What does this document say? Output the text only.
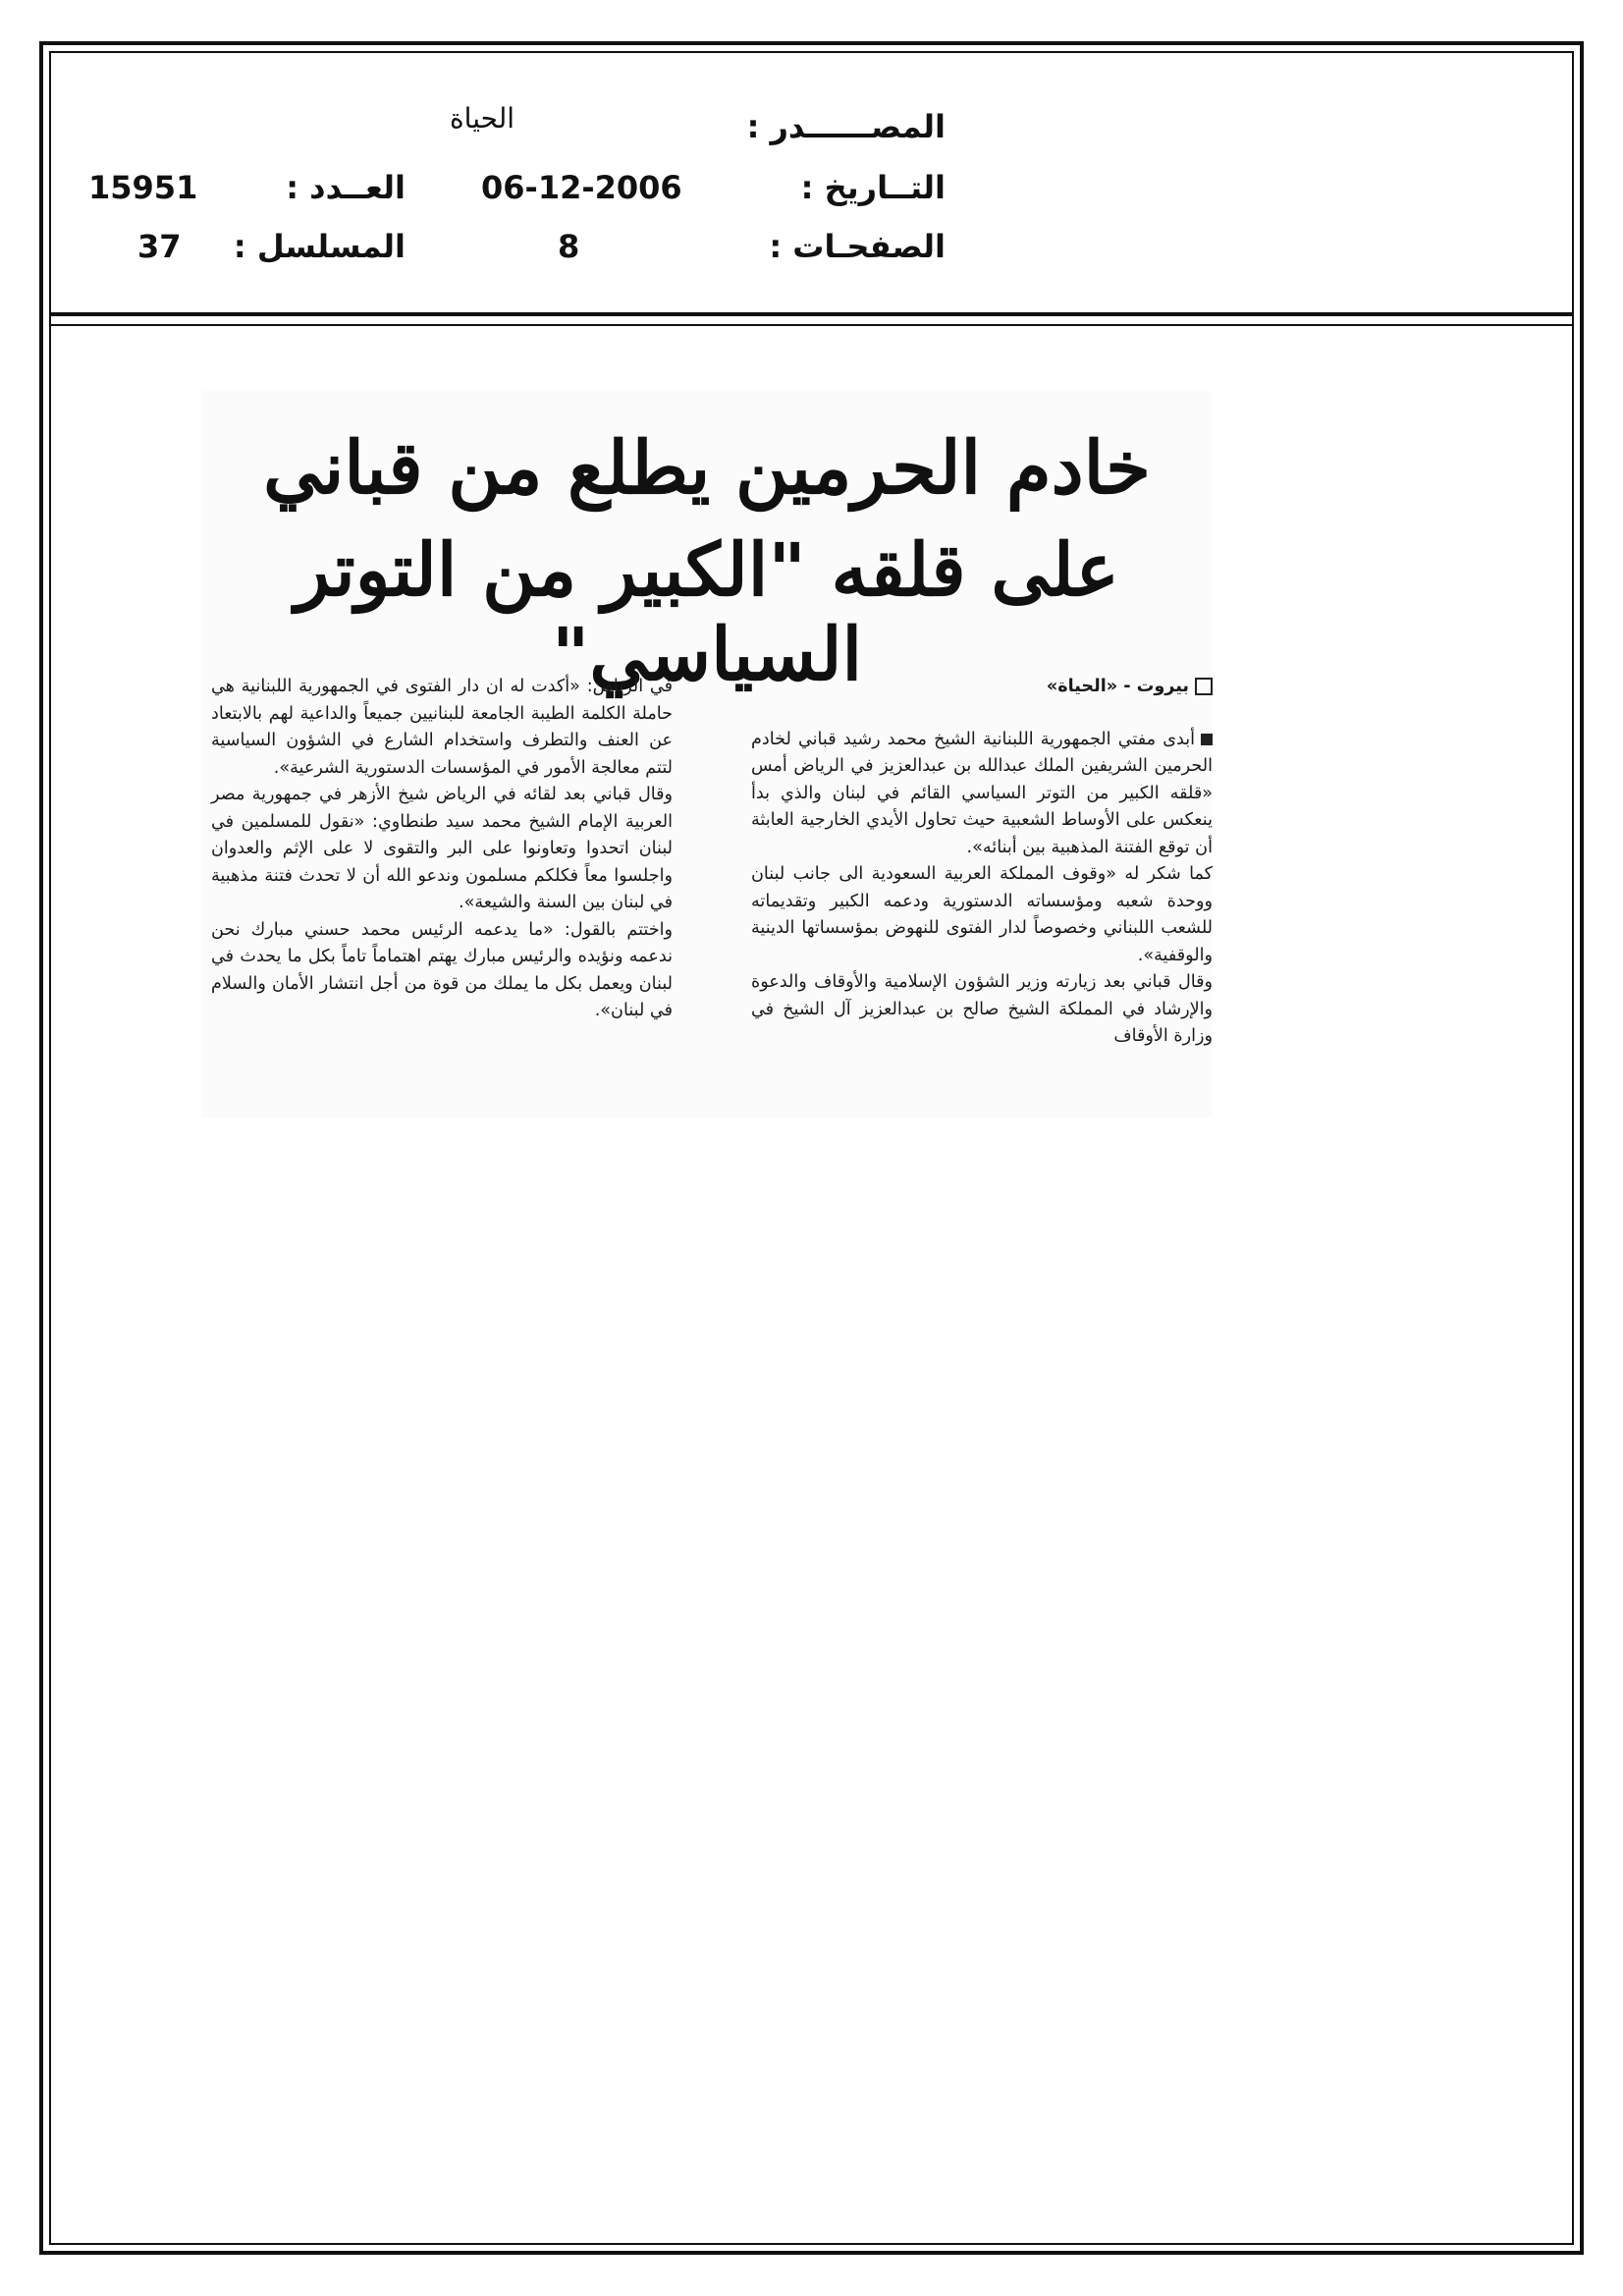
المصــــــدر :
الحياة
التــاريخ :
06-12-2006
العــدد :
15951
الصفحـات :
8
المسلسل :
37
خادم الحرمين يطلع من قباني
على قلقه "الكبير من التوتر السياسي"	بيروت - «الحياة»

أبدى مفتي الجمهورية اللبنانية الشيخ محمد رشيد قباني لخادم الحرمين الشريفين الملك عبدالله بن عبدالعزيز في الرياض أمس «قلقه الكبير من التوتر السياسي القائم في لبنان والذي بدأ ينعكس على الأوساط الشعبية حيث تحاول الأيدي الخارجية العابثة أن توقع الفتنة المذهبية بين أبنائه».

كما شكر له «وقوف المملكة العربية السعودية الى جانب لبنان ووحدة شعبه ومؤسساته الدستورية ودعمه الكبير وتقديماته للشعب اللبناني وخصوصاً لدار الفتوى للنهوض بمؤسساتها الدينية والوقفية».

وقال قباني بعد زيارته وزير الشؤون الإسلامية والأوقاف والدعوة والإرشاد في المملكة الشيخ صالح بن عبدالعزيز آل الشيخ في وزارة الأوقاف

في الرياض: «أكدت له ان دار الفتوى في الجمهورية اللبنانية هي حاملة الكلمة الطيبة الجامعة للبنانيين جميعاً والداعية لهم بالابتعاد عن العنف والتطرف واستخدام الشارع في الشؤون السياسية لتتم معالجة الأمور في المؤسسات الدستورية الشرعية».

وقال قباني بعد لقائه في الرياض شيخ الأزهر في جمهورية مصر العربية الإمام الشيخ محمد سيد طنطاوي: «نقول للمسلمين في لبنان اتحدوا وتعاونوا على البر والتقوى لا على الإثم والعدوان واجلسوا معاً فكلكم مسلمون وندعو الله أن لا تحدث فتنة مذهبية في لبنان بين السنة والشيعة».

واختتم بالقول: «ما يدعمه الرئيس محمد حسني مبارك نحن ندعمه ونؤيده والرئيس مبارك يهتم اهتماماً تاماً بكل ما يحدث في لبنان ويعمل بكل ما يملك من قوة من أجل انتشار الأمان والسلام في لبنان».
